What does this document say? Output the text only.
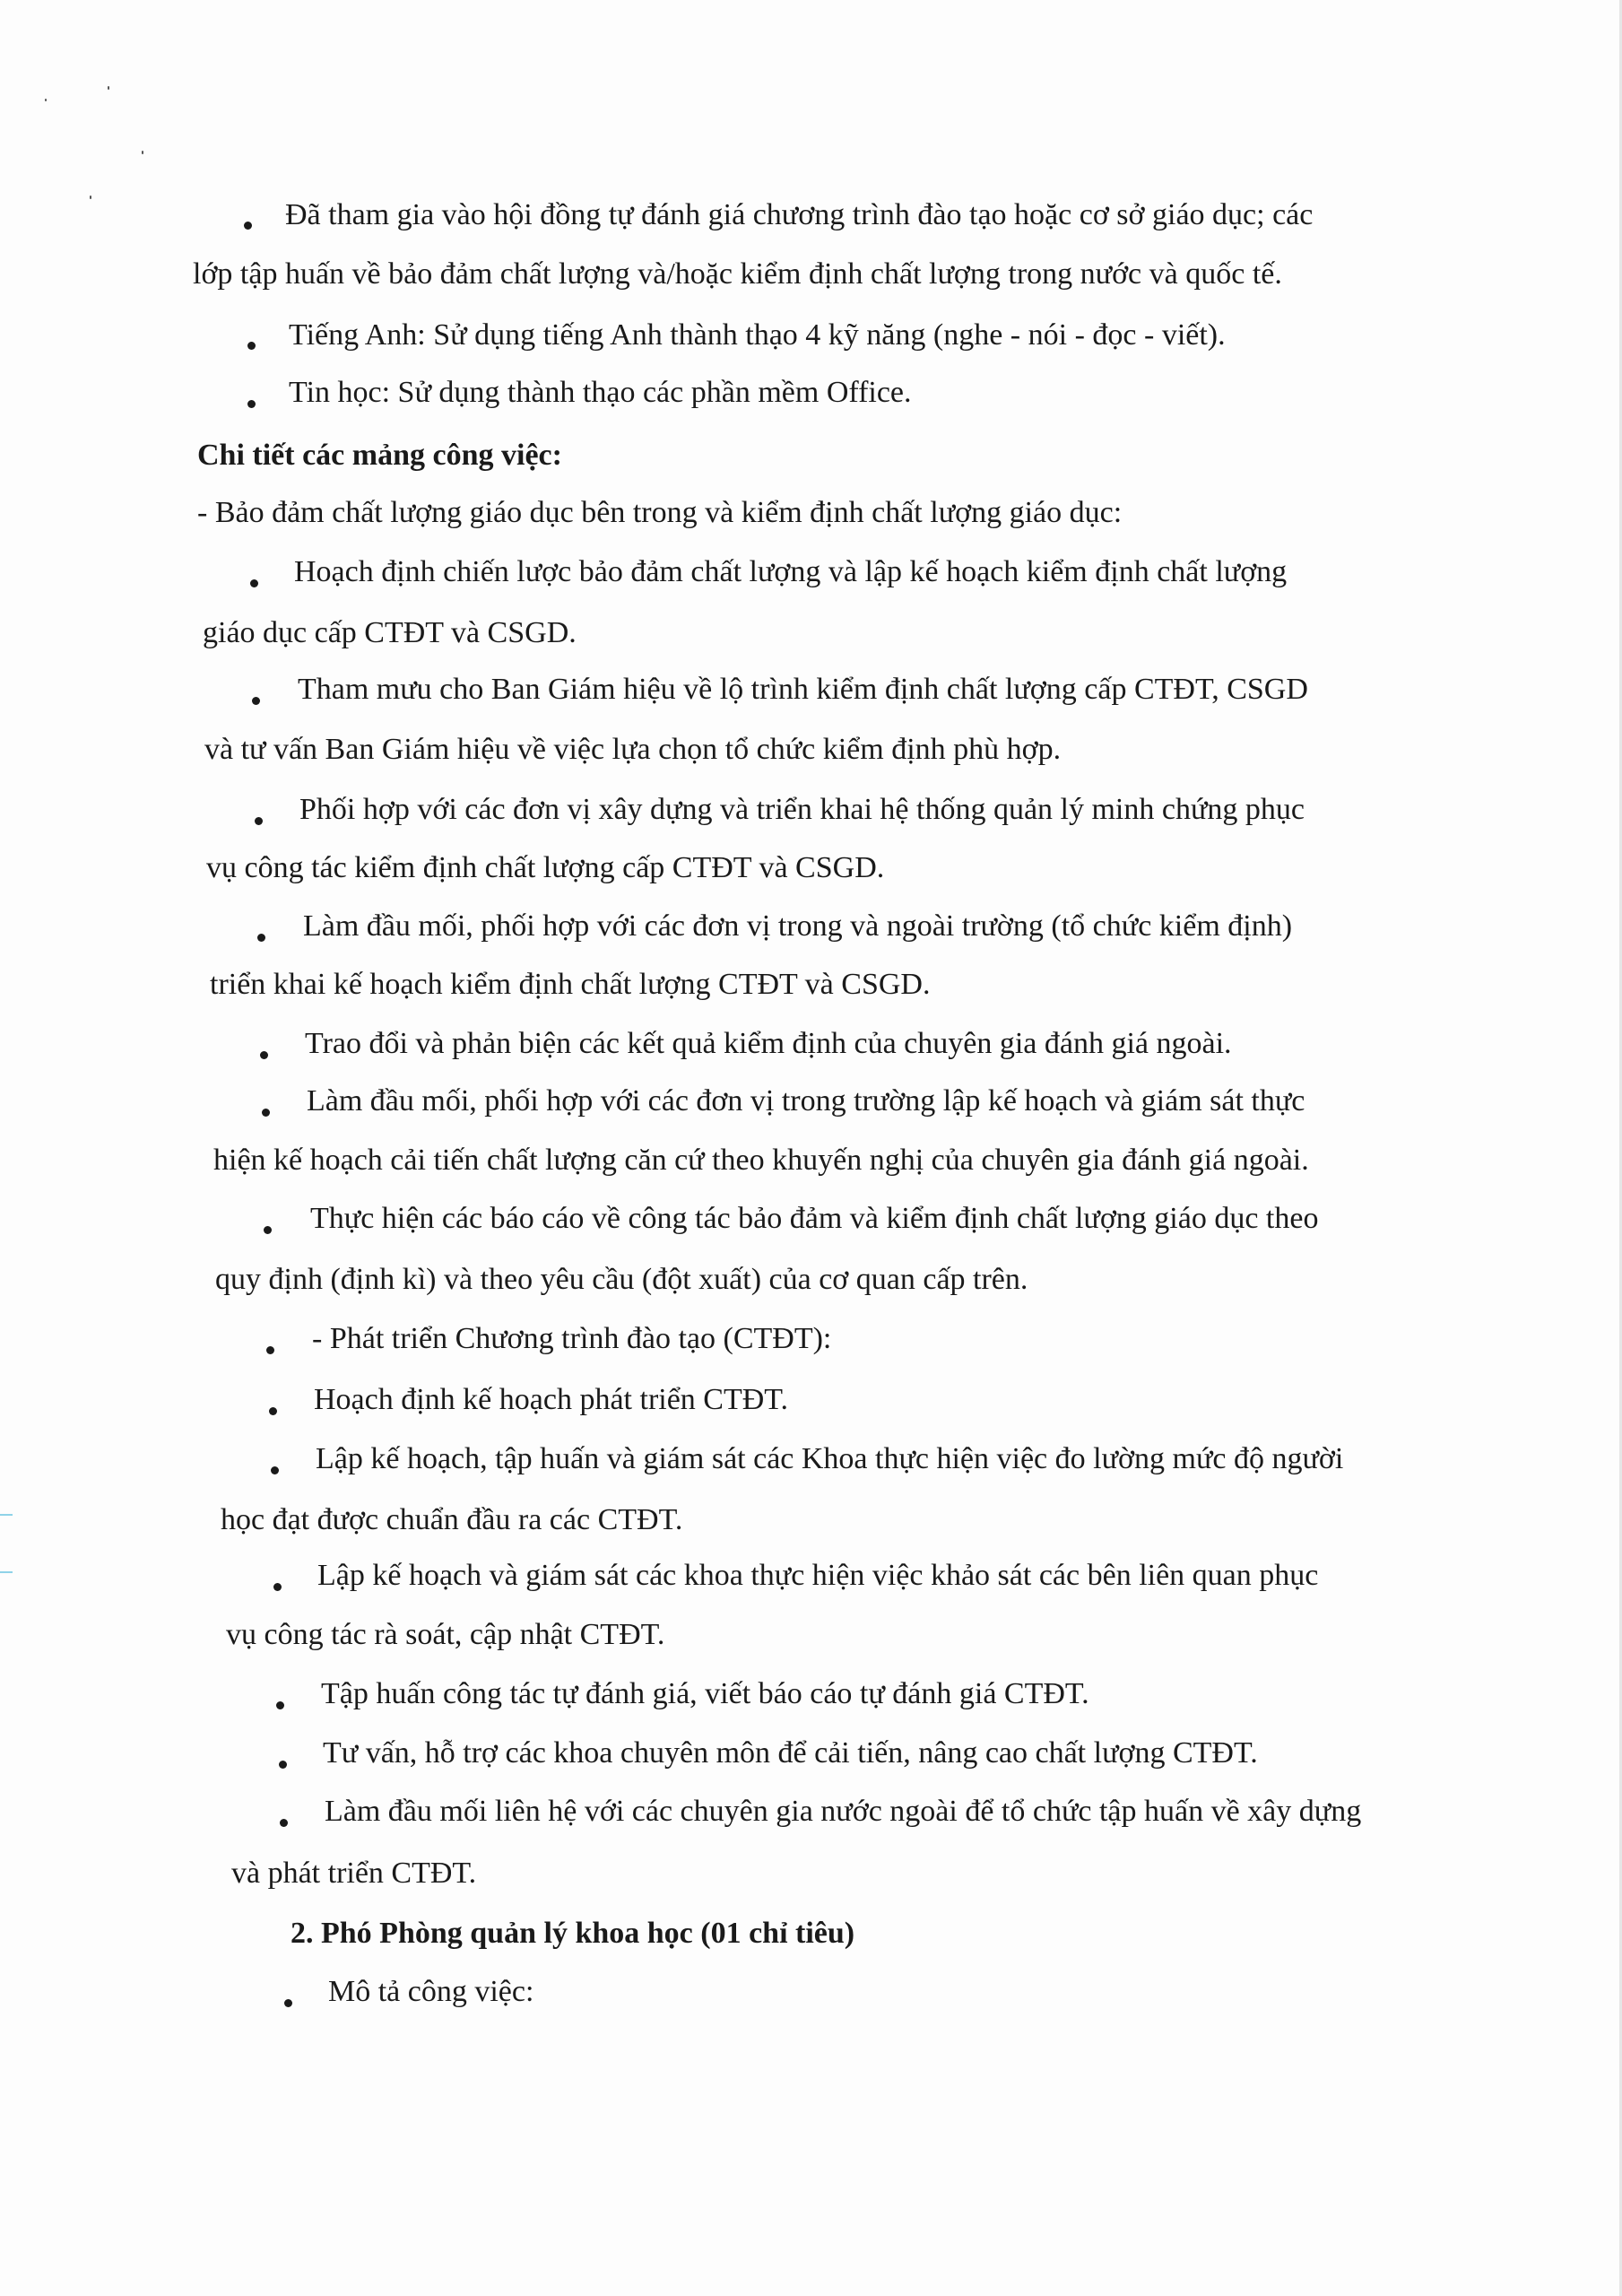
Đã tham gia vào hội đồng tự đánh giá chương trình đào tạo hoặc cơ sở giáo dục; các
lớp tập huấn về bảo đảm chất lượng và/hoặc kiểm định chất lượng trong nước và quốc tế.
Tiếng Anh: Sử dụng tiếng Anh thành thạo 4 kỹ năng (nghe - nói - đọc - viết).
Tin học: Sử dụng thành thạo các phần mềm Office.
Chi tiết các mảng công việc:
- Bảo đảm chất lượng giáo dục bên trong và kiểm định chất lượng giáo dục:
Hoạch định chiến lược bảo đảm chất lượng và lập kế hoạch kiểm định chất lượng
giáo dục cấp CTĐT và CSGD.
Tham mưu cho Ban Giám hiệu về lộ trình kiểm định chất lượng cấp CTĐT, CSGD
và tư vấn Ban Giám hiệu về việc lựa chọn tổ chức kiểm định phù hợp.
Phối hợp với các đơn vị xây dựng và triển khai hệ thống quản lý minh chứng phục
vụ công tác kiểm định chất lượng cấp CTĐT và CSGD.
Làm đầu mối, phối hợp với các đơn vị trong và ngoài trường (tổ chức kiểm định)
triển khai kế hoạch kiểm định chất lượng CTĐT và CSGD.
Trao đổi và phản biện các kết quả kiểm định của chuyên gia đánh giá ngoài.
Làm đầu mối, phối hợp với các đơn vị trong trường lập kế hoạch và giám sát thực
hiện kế hoạch cải tiến chất lượng căn cứ theo khuyến nghị của chuyên gia đánh giá ngoài.
Thực hiện các báo cáo về công tác bảo đảm và kiểm định chất lượng giáo dục theo
quy định (định kì) và theo yêu cầu (đột xuất) của cơ quan cấp trên.
- Phát triển Chương trình đào tạo (CTĐT):
Hoạch định kế hoạch phát triển CTĐT.
Lập kế hoạch, tập huấn và giám sát các Khoa thực hiện việc đo lường mức độ người
học đạt được chuẩn đầu ra các CTĐT.
Lập kế hoạch và giám sát các khoa thực hiện việc khảo sát các bên liên quan phục
vụ công tác rà soát, cập nhật CTĐT.
Tập huấn công tác tự đánh giá, viết báo cáo tự đánh giá CTĐT.
Tư vấn, hỗ trợ các khoa chuyên môn để cải tiến, nâng cao chất lượng CTĐT.
Làm đầu mối liên hệ với các chuyên gia nước ngoài để tổ chức tập huấn về xây dựng
và phát triển CTĐT.
2. Phó Phòng quản lý khoa học (01 chỉ tiêu)
Mô tả công việc:
